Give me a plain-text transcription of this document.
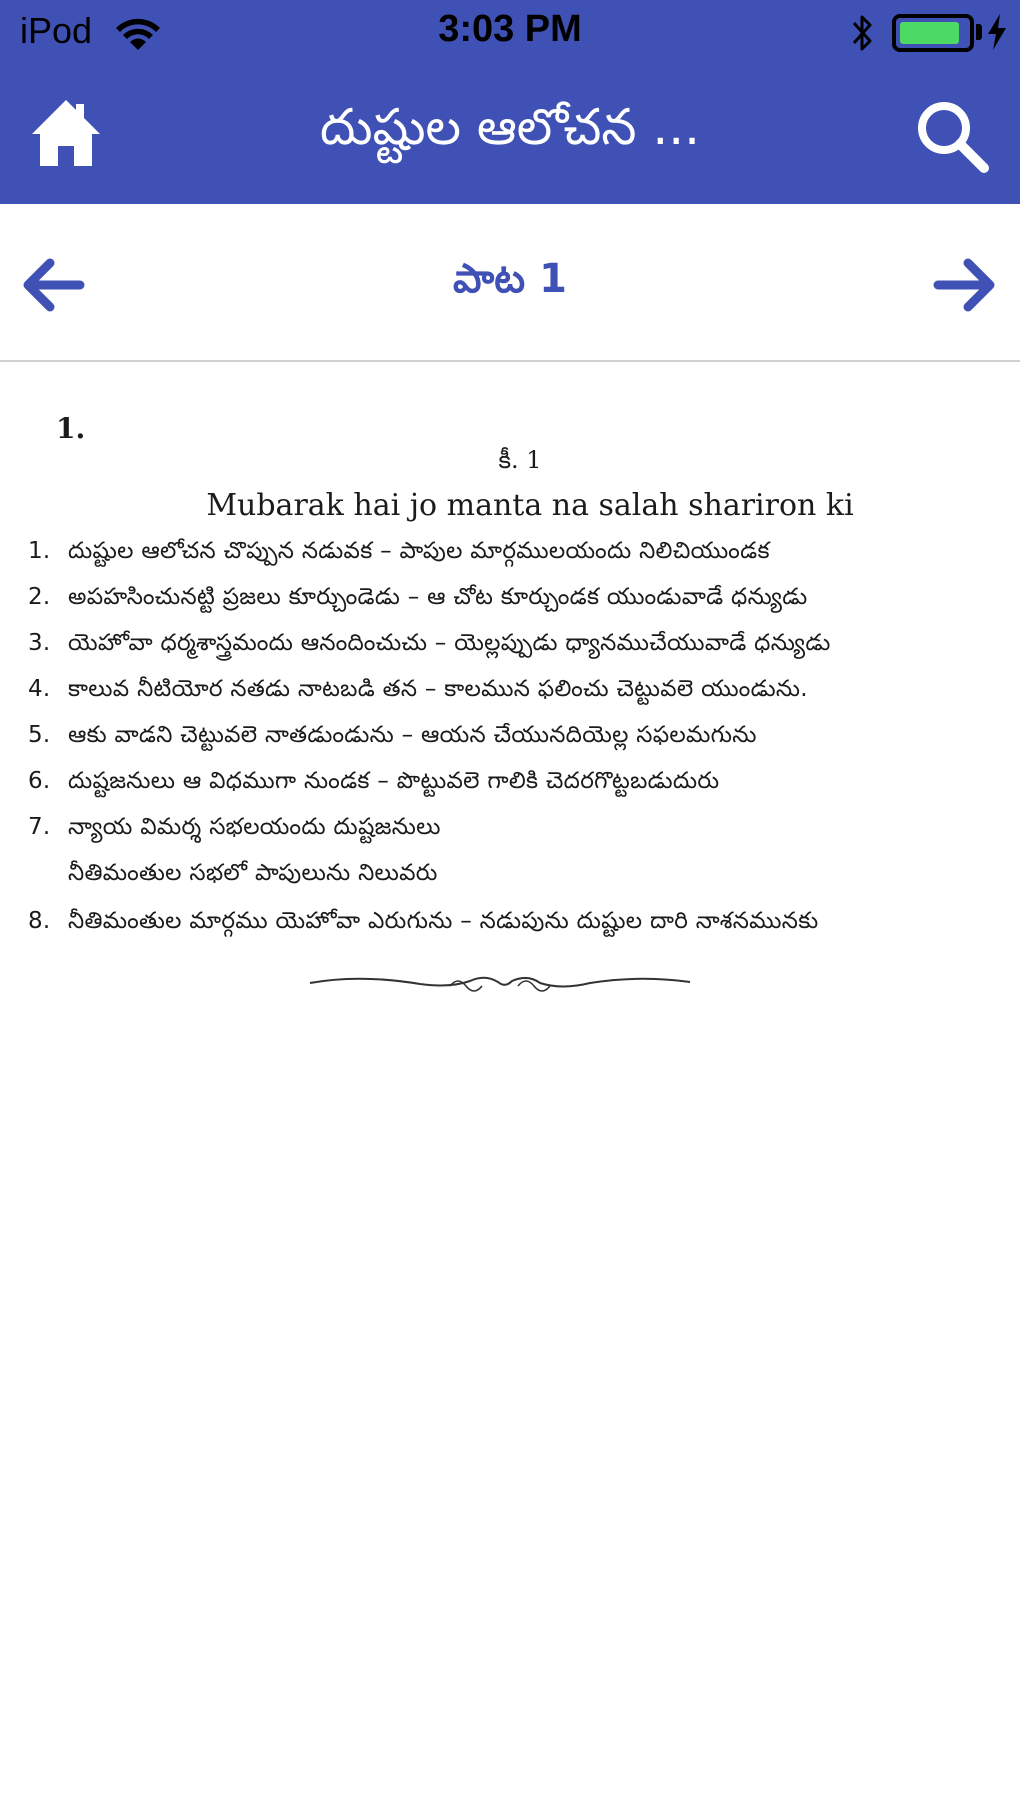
iPod	3:03 PM
దుష్టుల ఆలోచన ...
పాట 1
1.
కీ. 1
Mubarak hai jo manta na salah shariron ki
1. దుష్టుల ఆలోచన చొప్పున నడువక – పాపుల మార్గములయందు నిలిచియుండక
2. అపహసించునట్టి ప్రజలు కూర్చుండెడు – ఆ చోట కూర్చుండక యుండువాడే ధన్యుడు
3. యెహోవా ధర్మశాస్త్రమందు ఆనందించుచు – యెల్లప్పుడు ధ్యానముచేయువాడే ధన్యుడు
4. కాలువ నీటియోర నతడు నాటబడి తన – కాలమున ఫలించు చెట్టువలె యుండును.
5. ఆకు వాడని చెట్టువలె నాతడుండును – ఆయన చేయునదియెల్ల సఫలమగును
6. దుష్టజనులు ఆ విధముగా నుండక – పొట్టువలె గాలికి చెదరగొట్టబడుదురు
7. న్యాయ విమర్శ సభలయందు దుష్టజనులు
నీతిమంతుల సభలో పాపులును నిలువరు
8. నీతిమంతుల మార్గము యెహోవా ఎరుగును – నడుపును దుష్టుల దారి నాశనమునకు
